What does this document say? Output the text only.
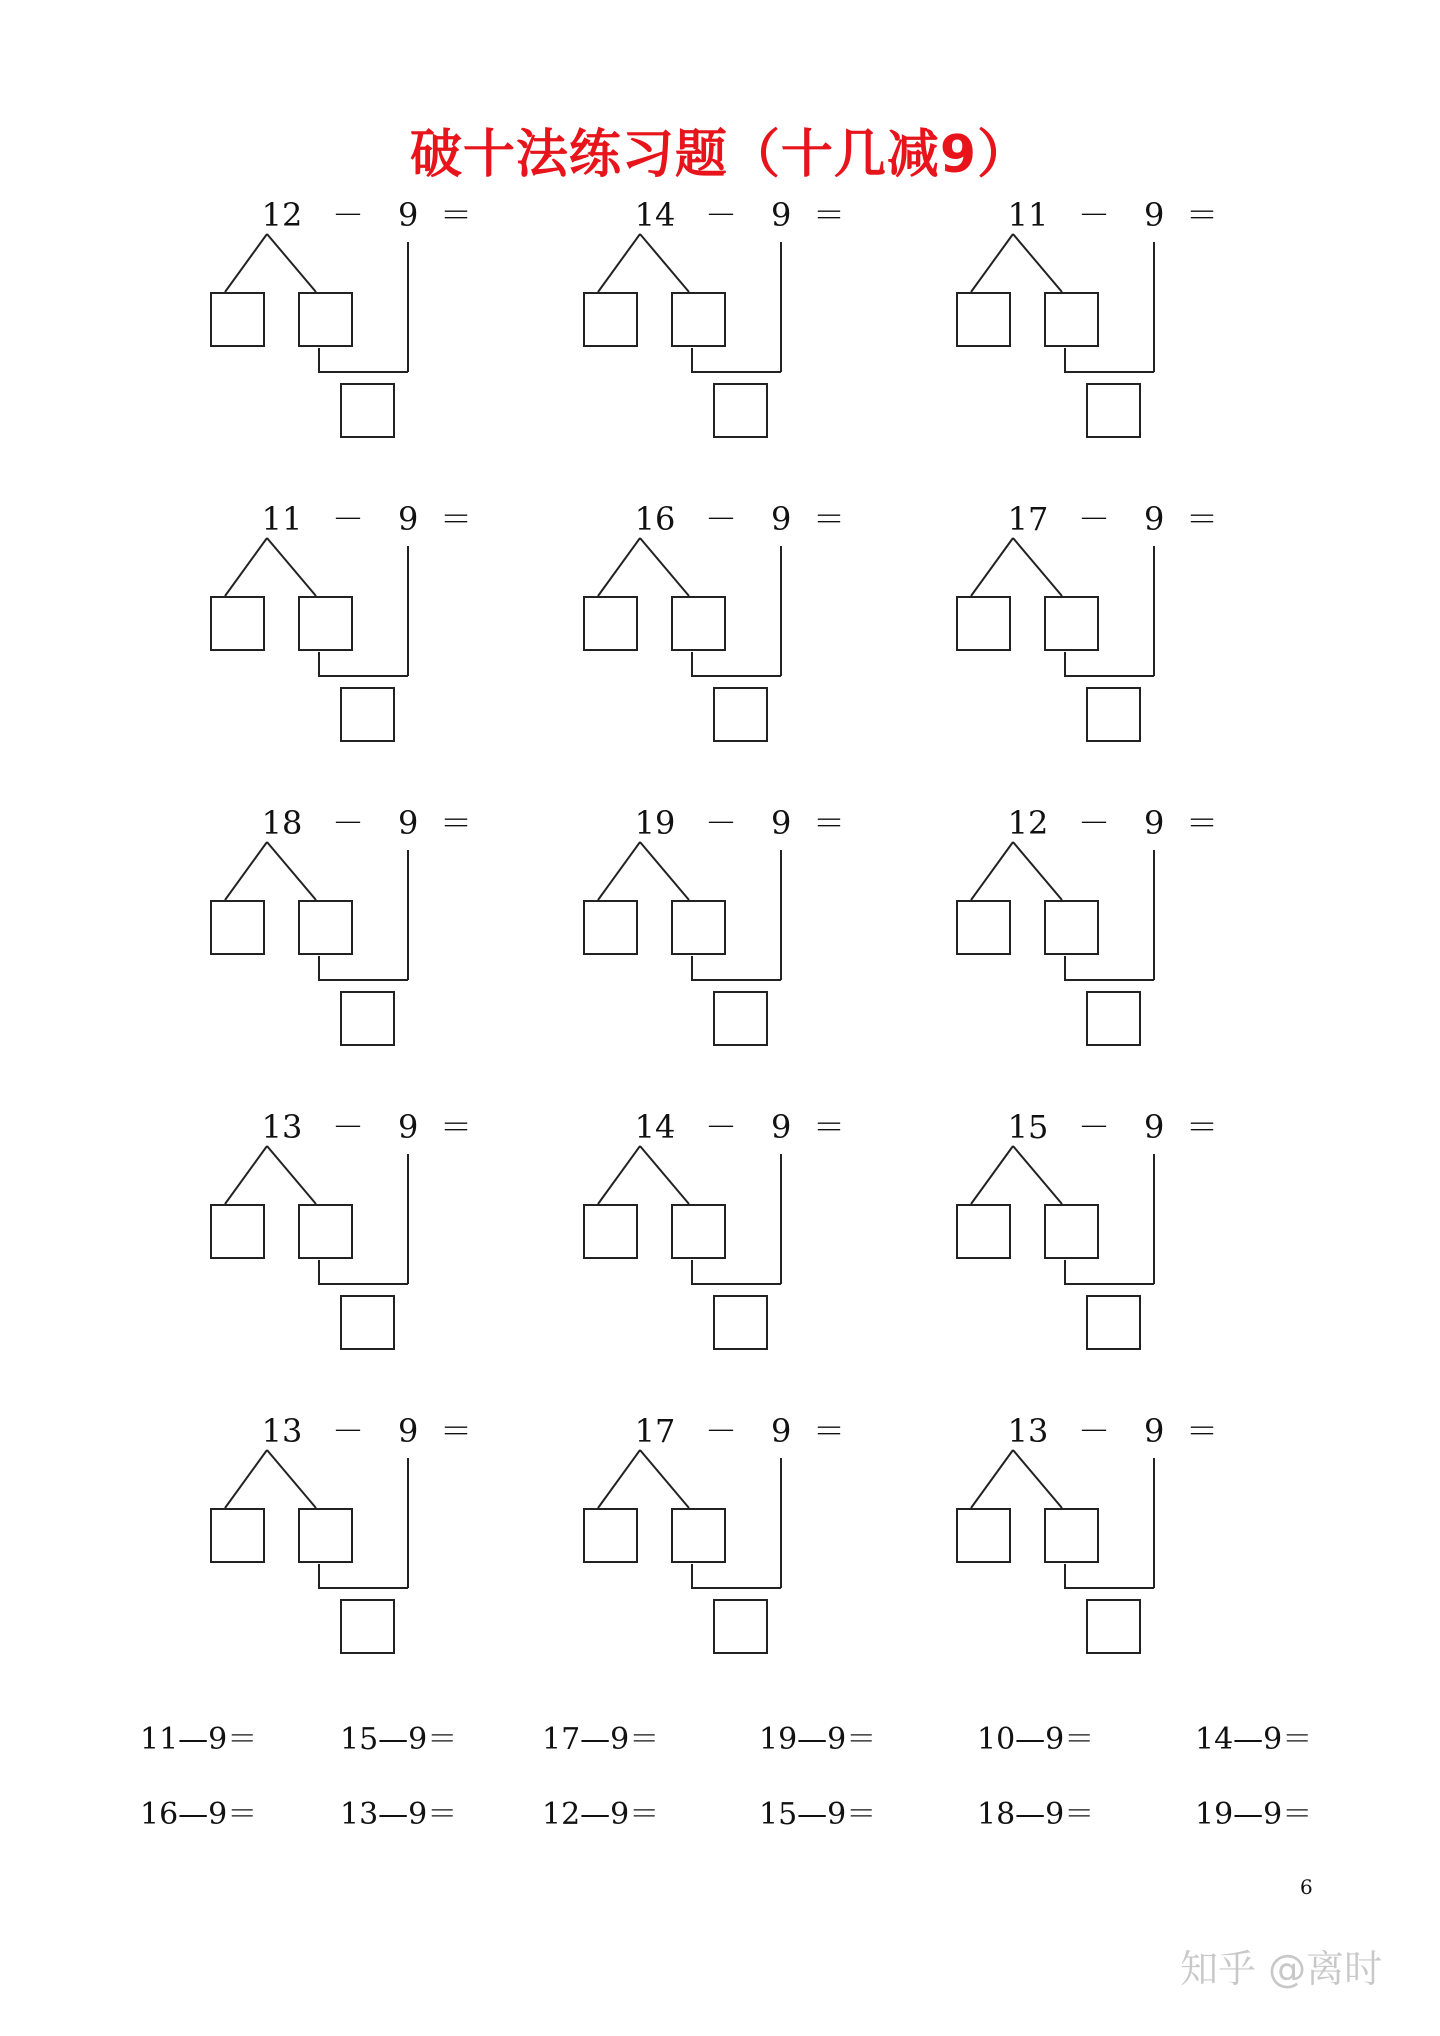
破十法练习题（十几减9）
12 － 9 ＝	14 － 9 ＝	11 － 9 ＝
11 － 9 ＝	16 － 9 ＝	17 － 9 ＝
18 － 9 ＝	19 － 9 ＝	12 － 9 ＝
13 － 9 ＝	14 － 9 ＝	15 － 9 ＝
13 － 9 ＝	17 － 9 ＝	13 － 9 ＝
11—9＝	15—9＝	17—9＝	19—9＝	10—9＝	14—9＝
16—9＝	13—9＝	12—9＝	15—9＝	18—9＝	19—9＝
6
知乎 @离时
